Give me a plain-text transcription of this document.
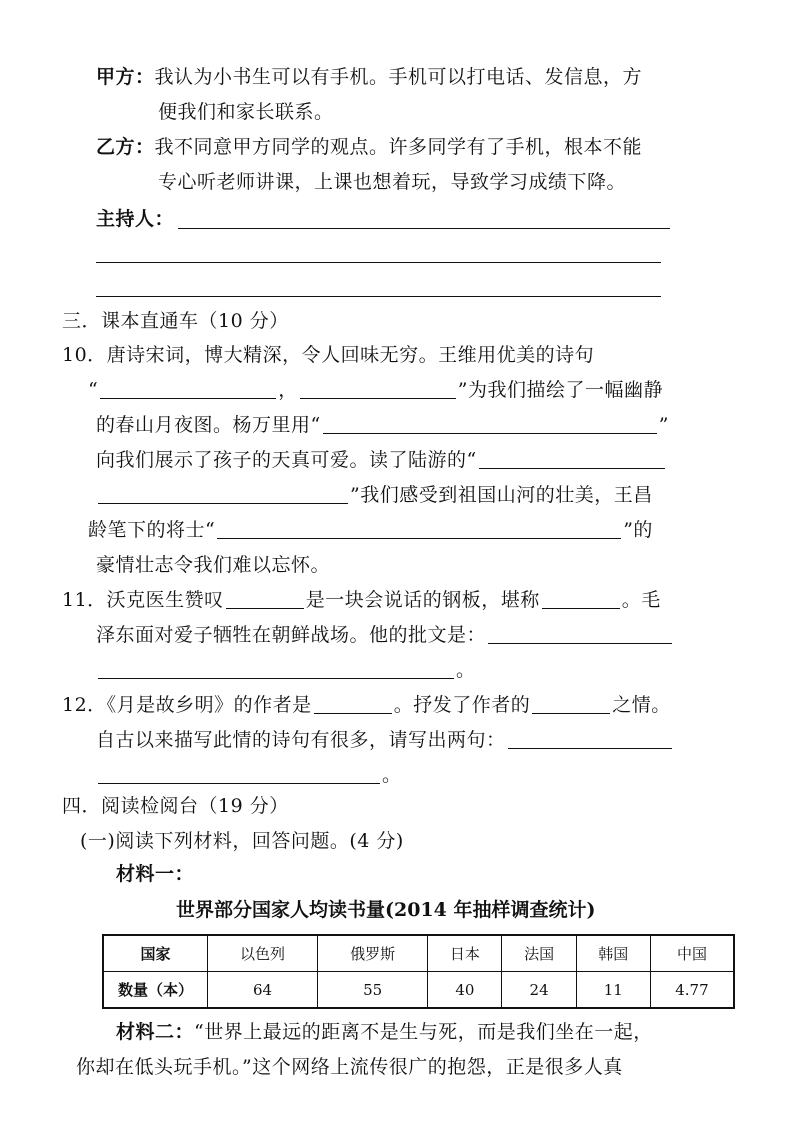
甲方：我认为小书生可以有手机。手机可以打电话、发信息，方
便我们和家长联系。
乙方：我不同意甲方同学的观点。许多同学有了手机，根本不能
专心听老师讲课，上课也想着玩，导致学习成绩下降。
主持人：
三．课本直通车（10 分）
10．唐诗宋词，博大精深，令人回味无穷。王维用优美的诗句
“	，	”为我们描绘了一幅幽静
的春山月夜图。杨万里用“	”
向我们展示了孩子的天真可爱。读了陆游的“
”我们感受到祖国山河的壮美，王昌
龄笔下的将士“	”的
豪情壮志令我们难以忘怀。
11．沃克医生赞叹	是一块会说话的钢板，堪称	。毛
泽东面对爱子牺牲在朝鲜战场。他的批文是：
。
12．《月是故乡明》的作者是	。抒发了作者的	之情。
自古以来描写此情的诗句有很多，请写出两句：
。
四．阅读检阅台（19 分）
(一)阅读下列材料，回答问题。(4 分)
材料一：
世界部分国家人均读书量(2014 年抽样调查统计)
国家	以色列	俄罗斯	日本	法国	韩国	中国
数量（本）	64	55	40	24	11	4.77
材料二：“世界上最远的距离不是生与死，而是我们坐在一起，
你却在低头玩手机。”这个网络上流传很广的抱怨，正是很多人真
